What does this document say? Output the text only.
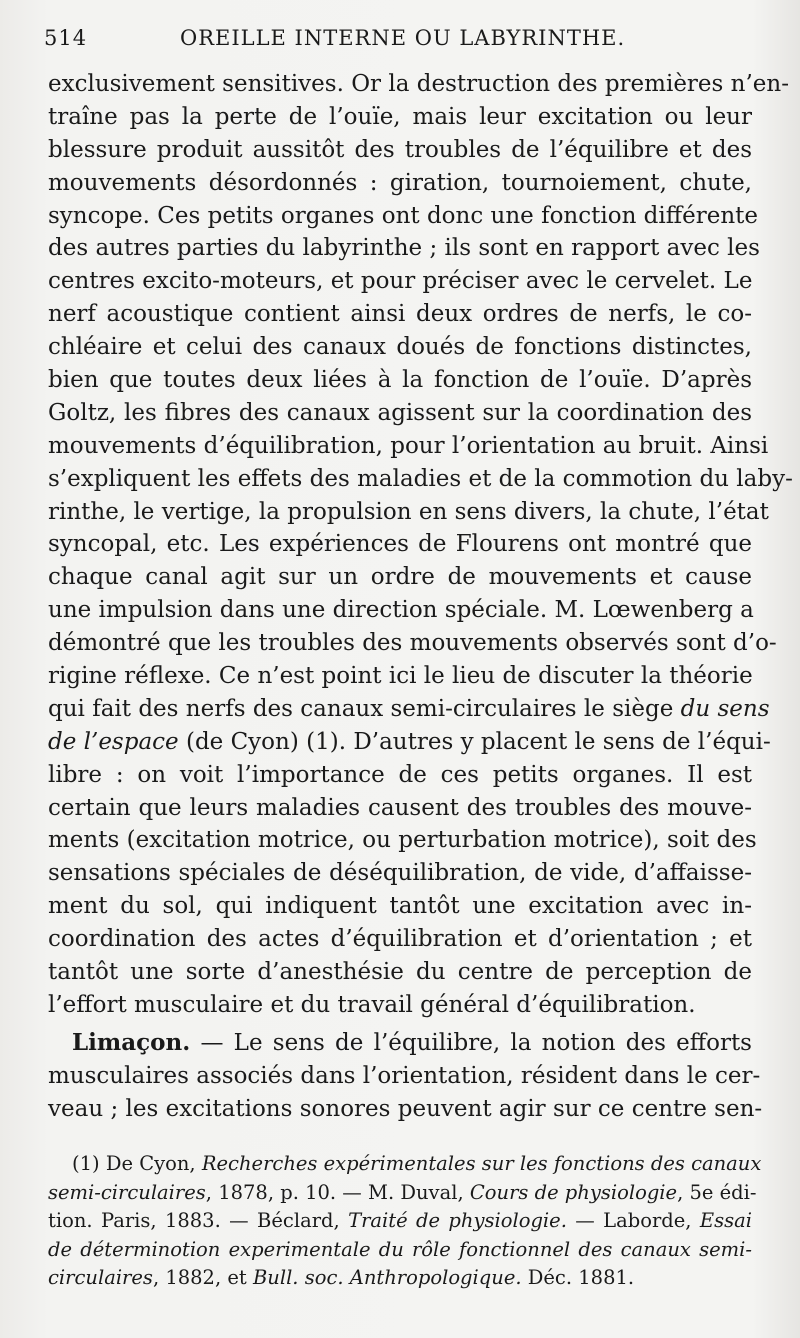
514	OREILLE INTERNE OU LABYRINTHE.
exclusivement sensitives. Or la destruction des premières n’en-
traîne pas la perte de l’ouïe, mais leur excitation ou leur
blessure produit aussitôt des troubles de l’équilibre et des
mouvements désordonnés : giration, tournoiement, chute,
syncope. Ces petits organes ont donc une fonction différente
des autres parties du labyrinthe ; ils sont en rapport avec les
centres excito-moteurs, et pour préciser avec le cervelet. Le
nerf acoustique contient ainsi deux ordres de nerfs, le co-
chléaire et celui des canaux doués de fonctions distinctes,
bien que toutes deux liées à la fonction de l’ouïe. D’après
Goltz, les fibres des canaux agissent sur la coordination des
mouvements d’équilibration, pour l’orientation au bruit. Ainsi
s’expliquent les effets des maladies et de la commotion du laby-
rinthe, le vertige, la propulsion en sens divers, la chute, l’état
syncopal, etc. Les expériences de Flourens ont montré que
chaque canal agit sur un ordre de mouvements et cause
une impulsion dans une direction spéciale. M. Lœwenberg a
démontré que les troubles des mouvements observés sont d’o-
rigine réflexe. Ce n’est point ici le lieu de discuter la théorie
qui fait des nerfs des canaux semi-circulaires le siège du sens
de l’espace (de Cyon) (1). D’autres y placent le sens de l’équi-
libre : on voit l’importance de ces petits organes. Il est
certain que leurs maladies causent des troubles des mouve-
ments (excitation motrice, ou perturbation motrice), soit des
sensations spéciales de déséquilibration, de vide, d’affaisse-
ment du sol, qui indiquent tantôt une excitation avec in-
coordination des actes d’équilibration et d’orientation ; et
tantôt une sorte d’anesthésie du centre de perception de
l’effort musculaire et du travail général d’équilibration.
Limaçon. — Le sens de l’équilibre, la notion des efforts
musculaires associés dans l’orientation, résident dans le cer-
veau ; les excitations sonores peuvent agir sur ce centre sen-
(1) De Cyon, Recherches expérimentales sur les fonctions des canaux
semi-circulaires, 1878, p. 10. — M. Duval, Cours de physiologie, 5e édi-
tion. Paris, 1883. — Béclard, Traité de physiologie. — Laborde, Essai
de déterminotion experimentale du rôle fonctionnel des canaux semi-
circulaires, 1882, et Bull. soc. Anthropologique. Déc. 1881.
